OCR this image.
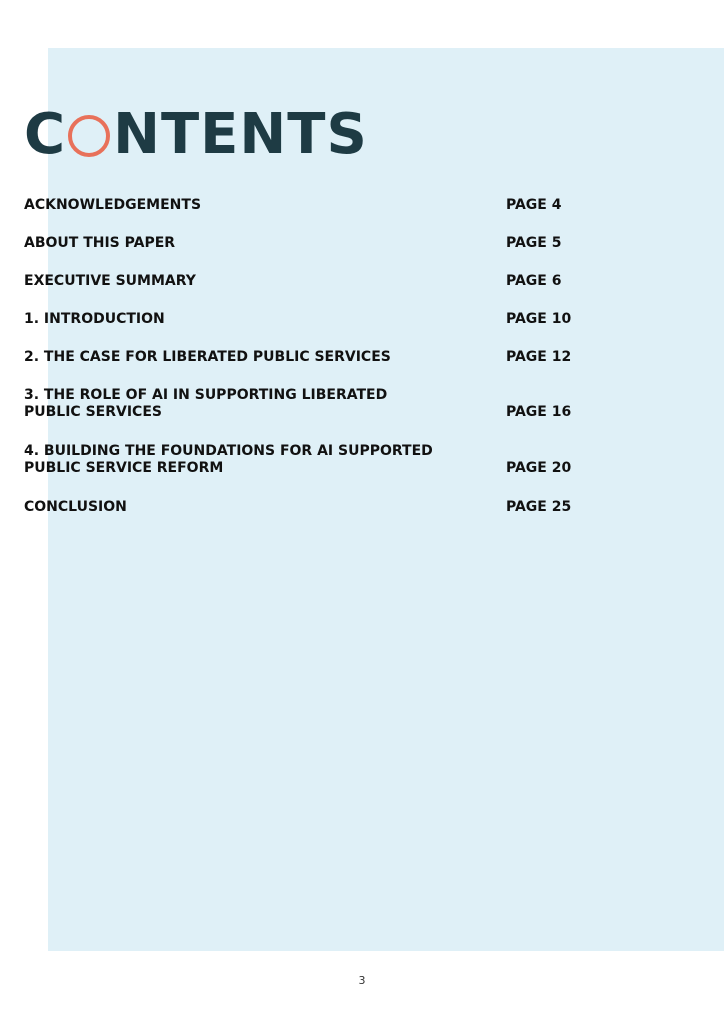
C NTENTS
ACKNOWLEDGEMENTS	PAGE 4
ABOUT THIS PAPER	PAGE 5
EXECUTIVE SUMMARY	PAGE 6
1. INTRODUCTION	PAGE 10
2. THE CASE FOR LIBERATED PUBLIC SERVICES	PAGE 12
3. THE ROLE OF AI IN SUPPORTING LIBERATED
PUBLIC SERVICES	PAGE 16
4. BUILDING THE FOUNDATIONS FOR AI SUPPORTED
PUBLIC SERVICE REFORM	PAGE 20
CONCLUSION	PAGE 25
3
